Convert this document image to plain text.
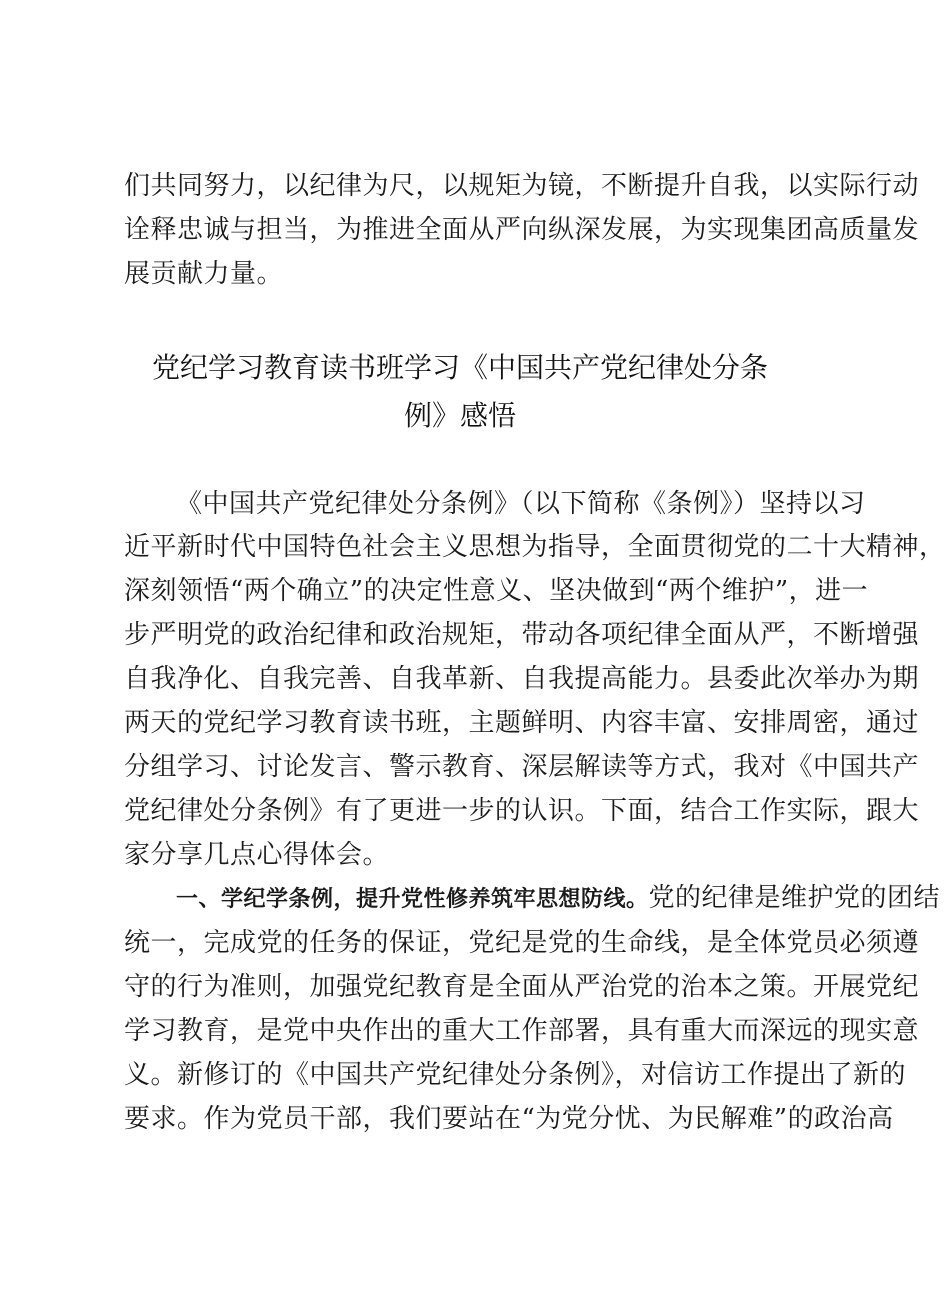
们共同努力，以纪律为尺，以规矩为镜，不断提升自我，以实际行动
诠释忠诚与担当，为推进全面从严向纵深发展，为实现集团高质量发
展贡献力量。
党纪学习教育读书班学习《中国共产党纪律处分条
例》感悟
《中国共产党纪律处分条例》（以下简称《条例》）坚持以习
近平新时代中国特色社会主义思想为指导，全面贯彻党的二十大精神，
深刻领悟“两个确立”的决定性意义、坚决做到“两个维护”，进一
步严明党的政治纪律和政治规矩，带动各项纪律全面从严，不断增强
自我净化、自我完善、自我革新、自我提高能力。县委此次举办为期
两天的党纪学习教育读书班，主题鲜明、内容丰富、安排周密，通过
分组学习、讨论发言、警示教育、深层解读等方式，我对《中国共产
党纪律处分条例》有了更进一步的认识。下面，结合工作实际，跟大
家分享几点心得体会。
一、学纪学条例，提升党性修养筑牢思想防线。党的纪律是维护党的团结
统一，完成党的任务的保证，党纪是党的生命线，是全体党员必须遵
守的行为准则，加强党纪教育是全面从严治党的治本之策。开展党纪
学习教育，是党中央作出的重大工作部署，具有重大而深远的现实意
义。新修订的《中国共产党纪律处分条例》，对信访工作提出了新的
要求。作为党员干部，我们要站在“为党分忧、为民解难”的政治高
